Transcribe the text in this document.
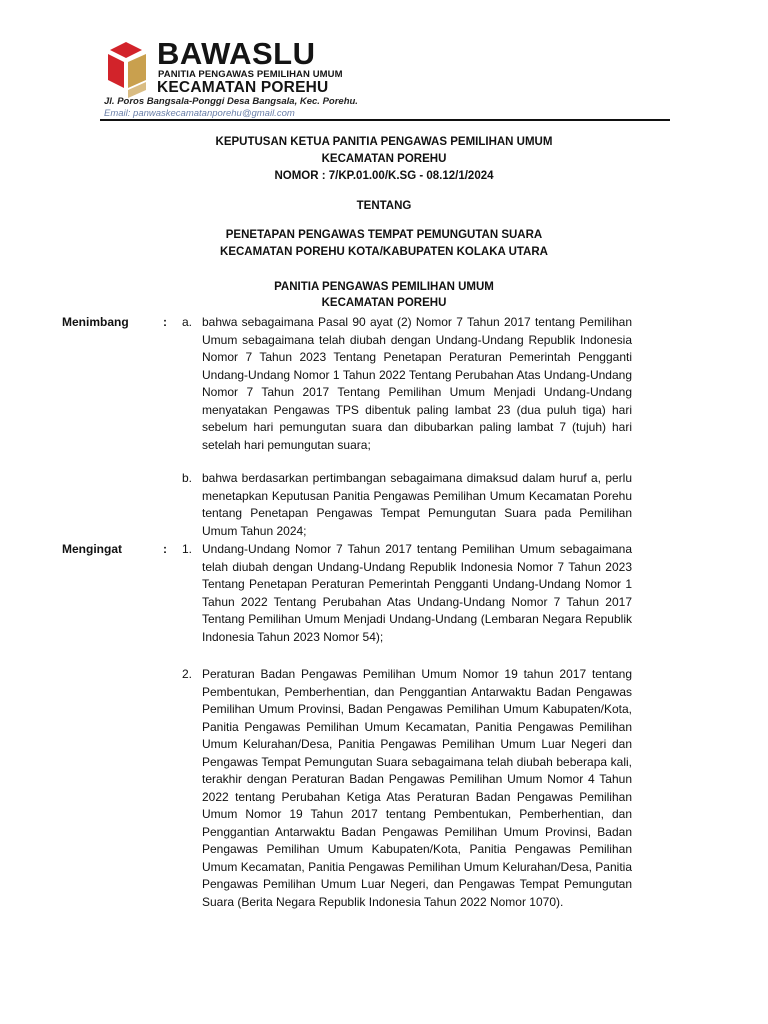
BAWASLU
PANITIA PENGAWAS PEMILIHAN UMUM
KECAMATAN POREHU
Jl. Poros Bangsala-Ponggi Desa Bangsala, Kec. Porehu.
Email: panwaskecamatanporehu@gmail.com
KEPUTUSAN KETUA PANITIA PENGAWAS PEMILIHAN UMUM
KECAMATAN POREHU
NOMOR : 7/KP.01.00/K.SG - 08.12/1/2024
TENTANG
PENETAPAN PENGAWAS TEMPAT PEMUNGUTAN SUARA
KECAMATAN POREHU KOTA/KABUPATEN KOLAKA UTARA
PANITIA PENGAWAS PEMILIHAN UMUM
KECAMATAN POREHU
Menimbang	: a. bahwa sebagaimana Pasal 90 ayat (2) Nomor 7 Tahun 2017 tentang Pemilihan Umum sebagaimana telah diubah dengan Undang-Undang Republik Indonesia Nomor 7 Tahun 2023 Tentang Penetapan Peraturan Pemerintah Pengganti Undang-Undang Nomor 1 Tahun 2022 Tentang Perubahan Atas Undang-Undang Nomor 7 Tahun 2017 Tentang Pemilihan Umum Menjadi Undang-Undang menyatakan Pengawas TPS dibentuk paling lambat 23 (dua puluh tiga) hari sebelum hari pemungutan suara dan dibubarkan paling lambat 7 (tujuh) hari setelah hari pemungutan suara;
b. bahwa berdasarkan pertimbangan sebagaimana dimaksud dalam huruf a, perlu menetapkan Keputusan Panitia Pengawas Pemilihan Umum Kecamatan Porehu tentang Penetapan Pengawas Tempat Pemungutan Suara pada Pemilihan Umum Tahun 2024;
Mengingat	: 1. Undang-Undang Nomor 7 Tahun 2017 tentang Pemilihan Umum sebagaimana telah diubah dengan Undang-Undang Republik Indonesia Nomor 7 Tahun 2023 Tentang Penetapan Peraturan Pemerintah Pengganti Undang-Undang Nomor 1 Tahun 2022 Tentang Perubahan Atas Undang-Undang Nomor 7 Tahun 2017 Tentang Pemilihan Umum Menjadi Undang-Undang (Lembaran Negara Republik Indonesia Tahun 2023 Nomor 54);
2. Peraturan Badan Pengawas Pemilihan Umum Nomor 19 tahun 2017 tentang Pembentukan, Pemberhentian, dan Penggantian Antarwaktu Badan Pengawas Pemilihan Umum Provinsi, Badan Pengawas Pemilihan Umum Kabupaten/Kota, Panitia Pengawas Pemilihan Umum Kecamatan, Panitia Pengawas Pemilihan Umum Kelurahan/Desa, Panitia Pengawas Pemilihan Umum Luar Negeri dan Pengawas Tempat Pemungutan Suara sebagaimana telah diubah beberapa kali, terakhir dengan Peraturan Badan Pengawas Pemilihan Umum Nomor 4 Tahun 2022 tentang Perubahan Ketiga Atas Peraturan Badan Pengawas Pemilihan Umum Nomor 19 Tahun 2017 tentang Pembentukan, Pemberhentian, dan Penggantian Antarwaktu Badan Pengawas Pemilihan Umum Provinsi, Badan Pengawas Pemilihan Umum Kabupaten/Kota, Panitia Pengawas Pemilihan Umum Kecamatan, Panitia Pengawas Pemilihan Umum Kelurahan/Desa, Panitia Pengawas Pemilihan Umum Luar Negeri, dan Pengawas Tempat Pemungutan Suara (Berita Negara Republik Indonesia Tahun 2022 Nomor 1070).
